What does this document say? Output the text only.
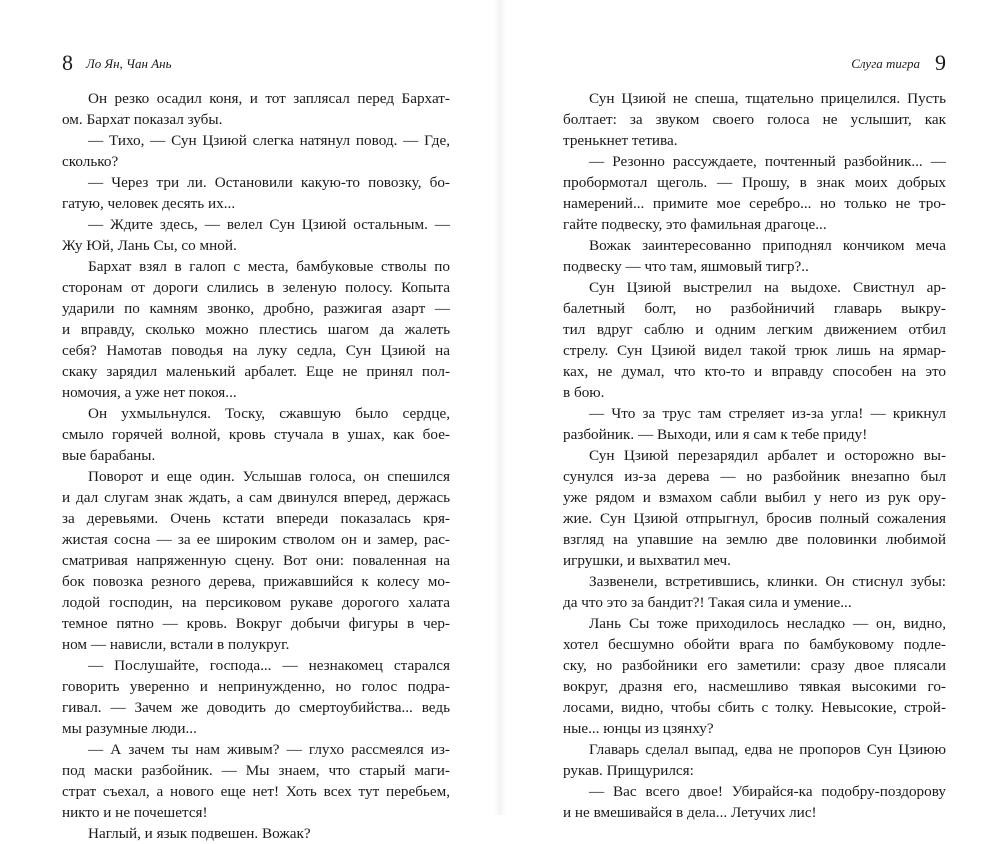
8 Ло Ян, Чан Ань

Он резко осадил коня, и тот заплясал перед Бархат-
ом. Бархат показал зубы.

— Тихо, — Сун Цзиюй слегка натянул повод. — Где,
сколько?

— Через три ли. Остановили какую-то повозку, бо-
гатую, человек десять их...

— Ждите здесь, — велел Сун Цзиюй остальным. —
Жу Юй, Лань Сы, со мной.

Бархат взял в галоп с места, бамбуковые стволы по
сторонам от дороги слились в зеленую полосу. Копыта
ударили по камням звонко, дробно, разжигая азарт —
и вправду, сколько можно плестись шагом да жалеть
себя? Намотав поводья на луку седла, Сун Цзиюй на
скаку зарядил маленький арбалет. Еще не принял пол-
номочия, а уже нет покоя...

Он ухмыльнулся. Тоску, сжавшую было сердце,
смыло горячей волной, кровь стучала в ушах, как бое-
вые барабаны.

Поворот и еще один. Услышав голоса, он спешился
и дал слугам знак ждать, а сам двинулся вперед, держась
за деревьями. Очень кстати впереди показалась кря-
жистая сосна — за ее широким стволом он и замер, рас-
сматривая напряженную сцену. Вот они: поваленная на
бок повозка резного дерева, прижавшийся к колесу мо-
лодой господин, на персиковом рукаве дорогого халата
темное пятно — кровь. Вокруг добычи фигуры в чер-
ном — нависли, встали в полукруг.

— Послушайте, господа... — незнакомец старался
говорить уверенно и непринужденно, но голос подра-
гивал. — Зачем же доводить до смертоубийства... ведь
мы разумные люди...

— А зачем ты нам живым? — глухо рассмеялся из-
под маски разбойник. — Мы знаем, что старый маги-
страт съехал, а нового еще нет! Хоть всех тут перебьем,
никто и не почешется!

Наглый, и язык подвешен. Вожак?

Слуга тигра 9

Сун Цзиюй не спеша, тщательно прицелился. Пусть
болтает: за звуком своего голоса не услышит, как
тренькнет тетива.

— Резонно рассуждаете, почтенный разбойник... —
пробормотал щеголь. — Прошу, в знак моих добрых
намерений... примите мое серебро... но только не тро-
гайте подвеску, это фамильная драгоце...

Вожак заинтересованно приподнял кончиком меча
подвеску — что там, яшмовый тигр?..

Сун Цзиюй выстрелил на выдохе. Свистнул ар-
балетный болт, но разбойничий главарь выкру-
тил вдруг саблю и одним легким движением отбил
стрелу. Сун Цзиюй видел такой трюк лишь на ярмар-
ках, не думал, что кто-то и вправду способен на это
в бою.

— Что за трус там стреляет из-за угла! — крикнул
разбойник. — Выходи, или я сам к тебе приду!

Сун Цзиюй перезарядил арбалет и осторожно вы-
сунулся из-за дерева — но разбойник внезапно был
уже рядом и взмахом сабли выбил у него из рук ору-
жие. Сун Цзиюй отпрыгнул, бросив полный сожаления
взгляд на упавшие на землю две половинки любимой
игрушки, и выхватил меч.

Зазвенели, встретившись, клинки. Он стиснул зубы:
да что это за бандит?! Такая сила и умение...

Лань Сы тоже приходилось несладко — он, видно,
хотел бесшумно обойти врага по бамбуковому подле-
ску, но разбойники его заметили: сразу двое плясали
вокруг, дразня его, насмешливо тявкая высокими го-
лосами, видно, чтобы сбить с толку. Невысокие, строй-
ные... юнцы из цзянху?

Главарь сделал выпад, едва не пропоров Сун Цзиюю
рукав. Прищурился:

— Вас всего двое! Убирайся-ка подобру-поздорову
и не вмешивайся в дела... Летучих лис!
